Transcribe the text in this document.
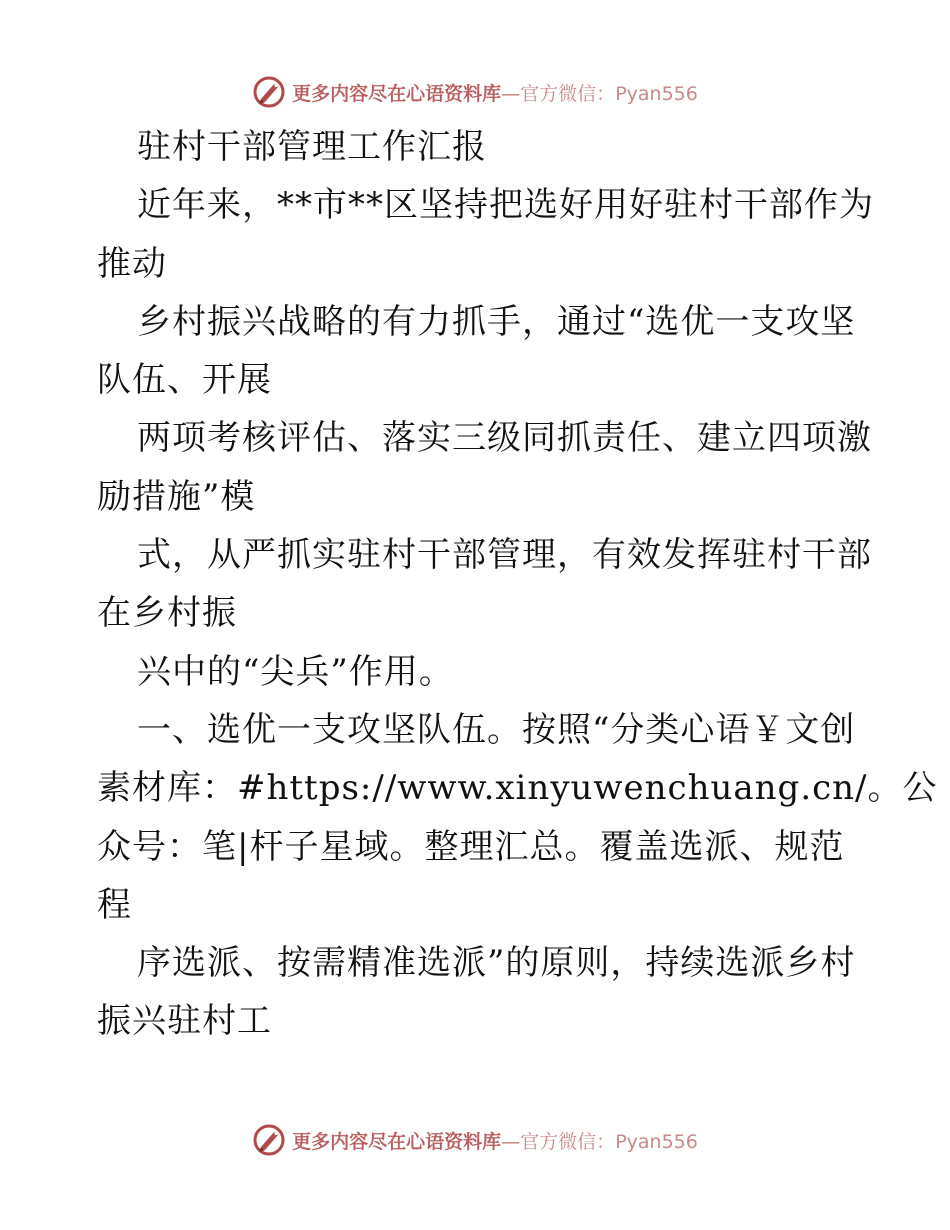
更多内容尽在心语资料库—官方微信：Pyan556
驻村干部管理工作汇报
近年来，**市**区坚持把选好用好驻村干部作为
推动
乡村振兴战略的有力抓手，通过“选优一支攻坚
队伍、开展
两项考核评估、落实三级同抓责任、建立四项激
励措施”模
式，从严抓实驻村干部管理，有效发挥驻村干部
在乡村振
兴中的“尖兵”作用。
一、选优一支攻坚队伍。按照“分类心语￥文创
素材库：#https://www.xinyuwenchuang.cn/。公
众号：笔|杆子星域。整理汇总。覆盖选派、规范
程
序选派、按需精准选派”的原则，持续选派乡村
振兴驻村工
更多内容尽在心语资料库—官方微信：Pyan556
